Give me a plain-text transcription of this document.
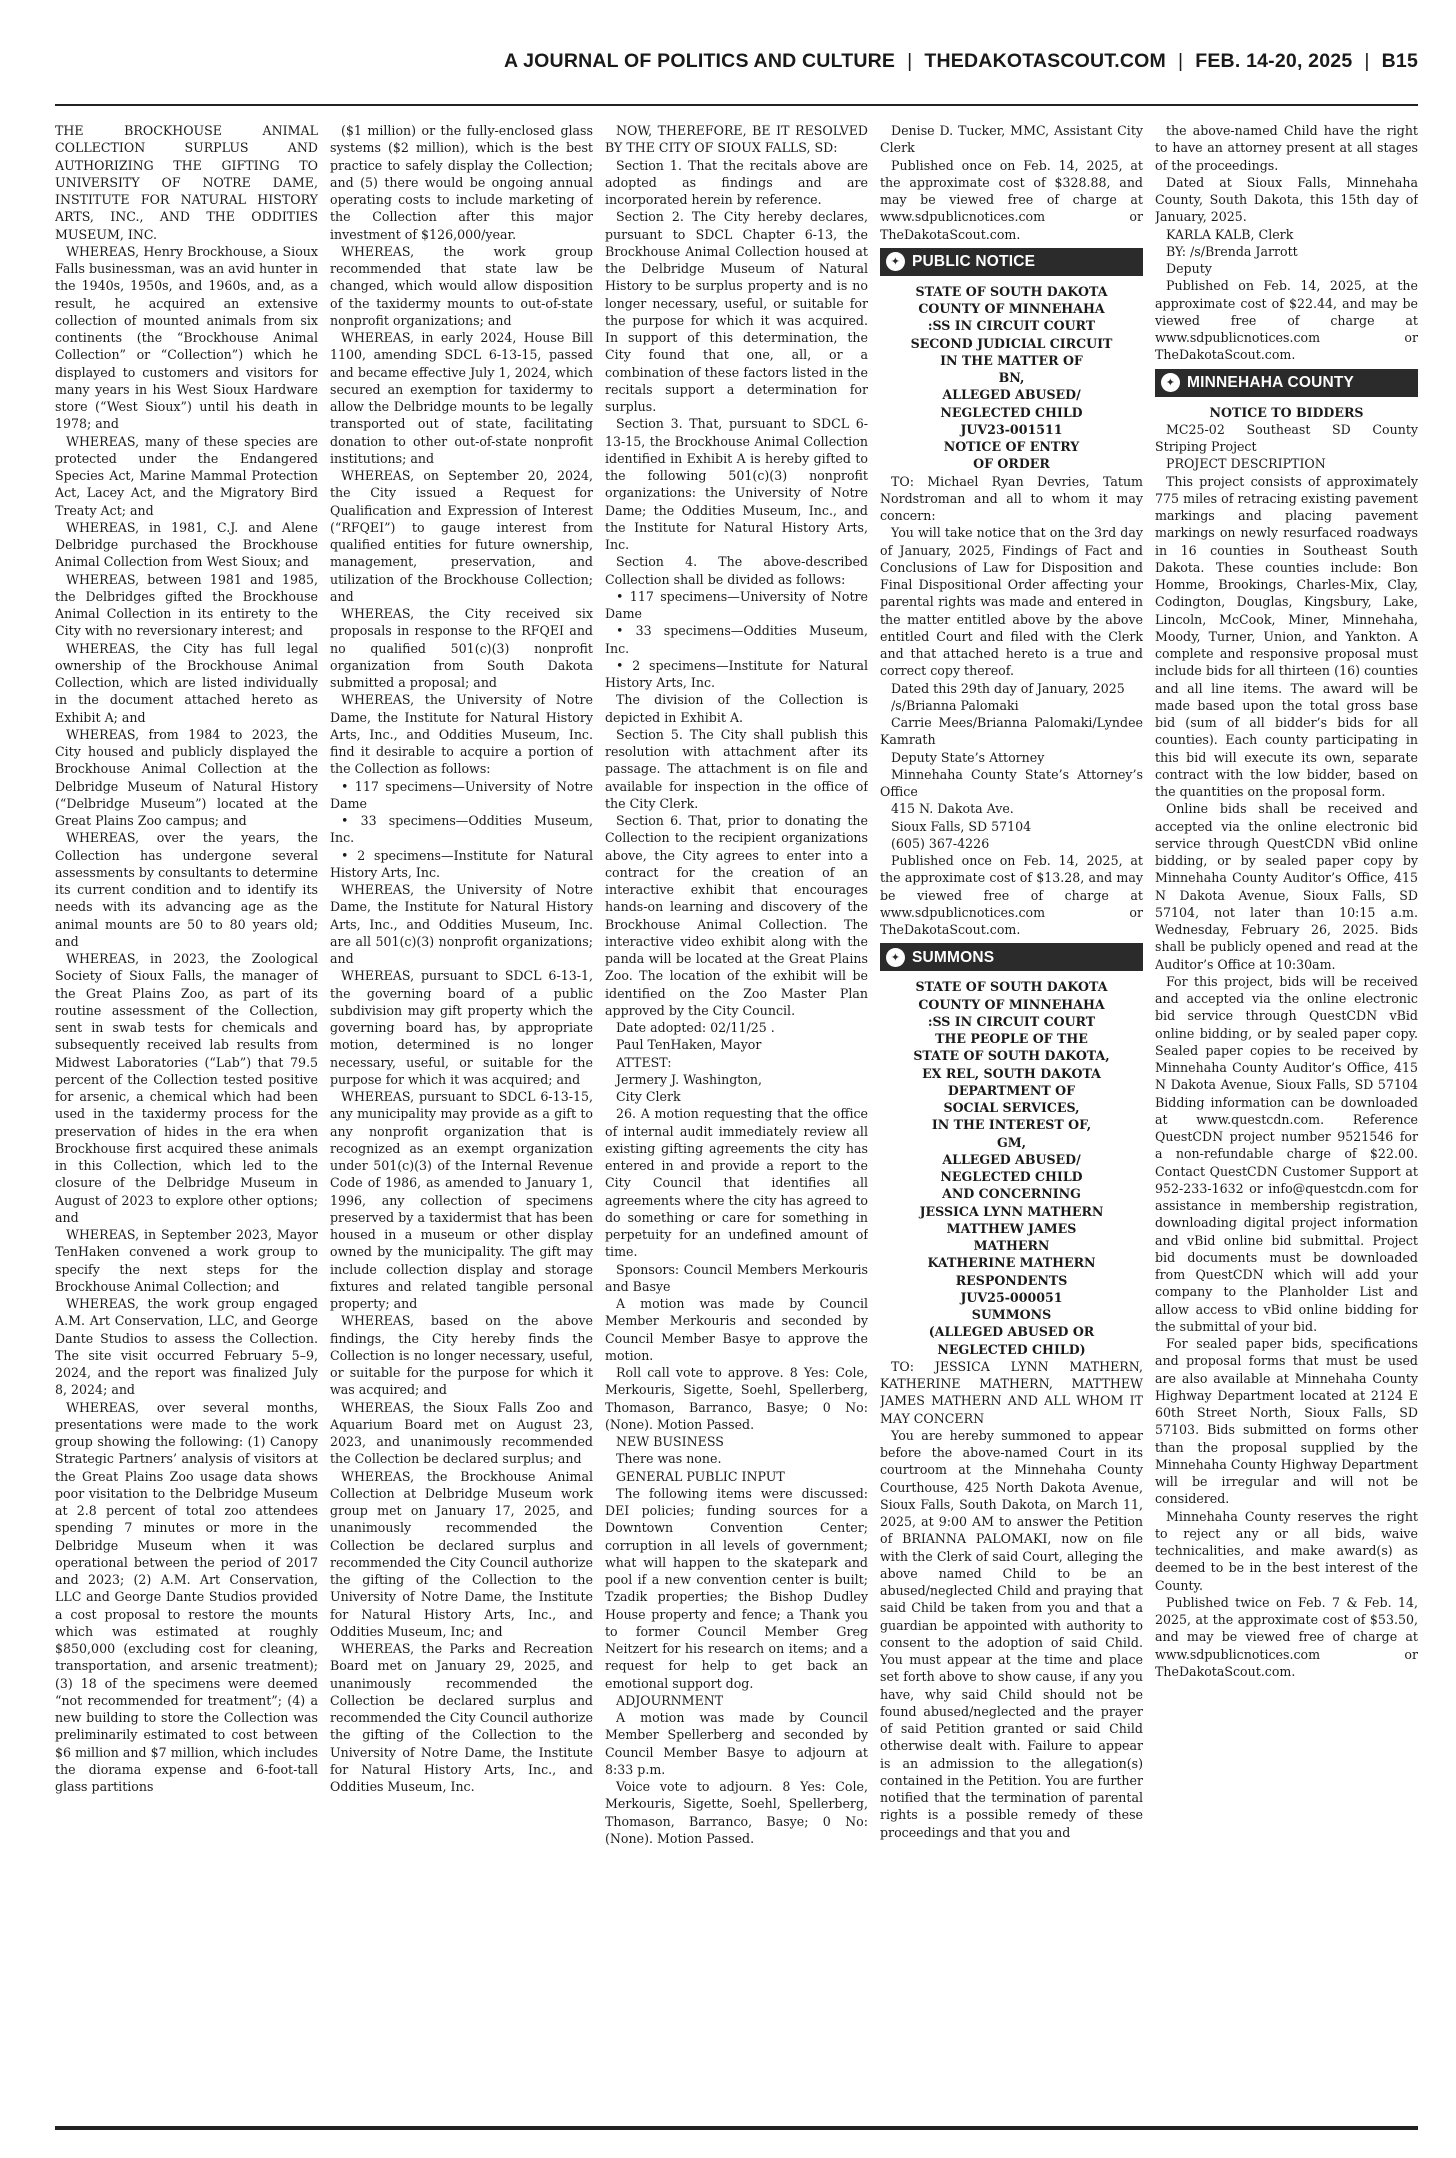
A JOURNAL OF POLITICS AND CULTURE | THEDAKOTASCOUT.COM | FEB. 14-20, 2025 | B15

THE BROCKHOUSE ANIMAL COLLECTION SURPLUS AND AUTHORIZING THE GIFTING TO UNIVERSITY OF NOTRE DAME, INSTITUTE FOR NATURAL HISTORY ARTS, INC., AND THE ODDITIES MUSEUM, INC.

WHEREAS, Henry Brockhouse, a Sioux Falls businessman, was an avid hunter in the 1940s, 1950s, and 1960s, and, as a result, he acquired an extensive collection of mounted animals from six continents (the “Brockhouse Animal Collection” or “Collection”) which he displayed to customers and visitors for many years in his West Sioux Hardware store (“West Sioux”) until his death in 1978; and

WHEREAS, many of these species are protected under the Endangered Species Act, Marine Mammal Protection Act, Lacey Act, and the Migratory Bird Treaty Act; and

WHEREAS, in 1981, C.J. and Alene Delbridge purchased the Brockhouse Animal Collection from West Sioux; and

WHEREAS, between 1981 and 1985, the Delbridges gifted the Brockhouse Animal Collection in its entirety to the City with no reversionary interest; and

WHEREAS, the City has full legal ownership of the Brockhouse Animal Collection, which are listed individually in the document attached hereto as Exhibit A; and

WHEREAS, from 1984 to 2023, the City housed and publicly displayed the Brockhouse Animal Collection at the Delbridge Museum of Natural History (“Delbridge Museum”) located at the Great Plains Zoo campus; and

WHEREAS, over the years, the Collection has undergone several assessments by consultants to determine its current condition and to identify its needs with its advancing age as the animal mounts are 50 to 80 years old; and

WHEREAS, in 2023, the Zoological Society of Sioux Falls, the manager of the Great Plains Zoo, as part of its routine assessment of the Collection, sent in swab tests for chemicals and subsequently received lab results from Midwest Laboratories (“Lab”) that 79.5 percent of the Collection tested positive for arsenic, a chemical which had been used in the taxidermy process for the preservation of hides in the era when Brockhouse first acquired these animals in this Collection, which led to the closure of the Delbridge Museum in August of 2023 to explore other options; and

WHEREAS, in September 2023, Mayor TenHaken convened a work group to specify the next steps for the Brockhouse Animal Collection; and

WHEREAS, the work group engaged A.M. Art Conservation, LLC, and George Dante Studios to assess the Collection. The site visit occurred February 5–9, 2024, and the report was finalized July 8, 2024; and

WHEREAS, over several months, presentations were made to the work group showing the following: (1) Canopy Strategic Partners’ analysis of visitors at the Great Plains Zoo usage data shows poor visitation to the Delbridge Museum at 2.8 percent of total zoo attendees spending 7 minutes or more in the Delbridge Museum when it was operational between the period of 2017 and 2023; (2) A.M. Art Conservation, LLC and George Dante Studios provided a cost proposal to restore the mounts which was estimated at roughly $850,000 (excluding cost for cleaning, transportation, and arsenic treatment); (3) 18 of the specimens were deemed “not recommended for treatment”; (4) a new building to store the Collection was preliminarily estimated to cost between $6 million and $7 million, which includes the diorama expense and 6-foot-tall glass partitions

($1 million) or the fully-enclosed glass systems ($2 million), which is the best practice to safely display the Collection; and (5) there would be ongoing annual operating costs to include marketing of the Collection after this major investment of $126,000/year.

WHEREAS, the work group recommended that state law be changed, which would allow disposition of the taxidermy mounts to out-of-state nonprofit organizations; and

WHEREAS, in early 2024, House Bill 1100, amending SDCL 6-13-15, passed and became effective July 1, 2024, which secured an exemption for taxidermy to allow the Delbridge mounts to be legally transported out of state, facilitating donation to other out-of-state nonprofit institutions; and

WHEREAS, on September 20, 2024, the City issued a Request for Qualification and Expression of Interest (“RFQEI”) to gauge interest from qualified entities for future ownership, management, preservation, and utilization of the Brockhouse Collection; and

WHEREAS, the City received six proposals in response to the RFQEI and no qualified 501(c)(3) nonprofit organization from South Dakota submitted a proposal; and

WHEREAS, the University of Notre Dame, the Institute for Natural History Arts, Inc., and Oddities Museum, Inc. find it desirable to acquire a portion of the Collection as follows:

• 117 specimens—University of Notre Dame

• 33 specimens—Oddities Museum, Inc.

• 2 specimens—Institute for Natural History Arts, Inc.

WHEREAS, the University of Notre Dame, the Institute for Natural History Arts, Inc., and Oddities Museum, Inc. are all 501(c)(3) nonprofit organizations; and

WHEREAS, pursuant to SDCL 6-13-1, the governing board of a public subdivision may gift property which the governing board has, by appropriate motion, determined is no longer necessary, useful, or suitable for the purpose for which it was acquired; and

WHEREAS, pursuant to SDCL 6-13-15, any municipality may provide as a gift to any nonprofit organization that is recognized as an exempt organization under 501(c)(3) of the Internal Revenue Code of 1986, as amended to January 1, 1996, any collection of specimens preserved by a taxidermist that has been housed in a museum or other display owned by the municipality. The gift may include collection display and storage fixtures and related tangible personal property; and

WHEREAS, based on the above findings, the City hereby finds the Collection is no longer necessary, useful, or suitable for the purpose for which it was acquired; and

WHEREAS, the Sioux Falls Zoo and Aquarium Board met on August 23, 2023, and unanimously recommended the Collection be declared surplus; and

WHEREAS, the Brockhouse Animal Collection at Delbridge Museum work group met on January 17, 2025, and unanimously recommended the Collection be declared surplus and recommended the City Council authorize the gifting of the Collection to the University of Notre Dame, the Institute for Natural History Arts, Inc., and Oddities Museum, Inc; and

WHEREAS, the Parks and Recreation Board met on January 29, 2025, and unanimously recommended the Collection be declared surplus and recommended the City Council authorize the gifting of the Collection to the University of Notre Dame, the Institute for Natural History Arts, Inc., and Oddities Museum, Inc.

NOW, THEREFORE, BE IT RESOLVED BY THE CITY OF SIOUX FALLS, SD:

Section 1. That the recitals above are adopted as findings and are incorporated herein by reference.

Section 2. The City hereby declares, pursuant to SDCL Chapter 6-13, the Brockhouse Animal Collection housed at the Delbridge Museum of Natural History to be surplus property and is no longer necessary, useful, or suitable for the purpose for which it was acquired. In support of this determination, the City found that one, all, or a combination of these factors listed in the recitals support a determination for surplus.

Section 3. That, pursuant to SDCL 6-13-15, the Brockhouse Animal Collection identified in Exhibit A is hereby gifted to the following 501(c)(3) nonprofit organizations: the University of Notre Dame; the Oddities Museum, Inc., and the Institute for Natural History Arts, Inc.

Section 4. The above-described Collection shall be divided as follows:

• 117 specimens—University of Notre Dame

• 33 specimens—Oddities Museum, Inc.

• 2 specimens—Institute for Natural History Arts, Inc.

The division of the Collection is depicted in Exhibit A.

Section 5. The City shall publish this resolution with attachment after its passage. The attachment is on file and available for inspection in the office of the City Clerk.

Section 6. That, prior to donating the Collection to the recipient organizations above, the City agrees to enter into a contract for the creation of an interactive exhibit that encourages hands-on learning and discovery of the Brockhouse Animal Collection. The interactive video exhibit along with the panda will be located at the Great Plains Zoo. The location of the exhibit will be identified on the Zoo Master Plan approved by the City Council.

Date adopted: 02/11/25 .

Paul TenHaken, Mayor

ATTEST:

Jermery J. Washington,

City Clerk

26. A motion requesting that the office of internal audit immediately review all existing gifting agreements the city has entered in and provide a report to the City Council that identifies all agreements where the city has agreed to do something or care for something in perpetuity for an undefined amount of time.

Sponsors: Council Members Merkouris and Basye

A motion was made by Council Member Merkouris and seconded by Council Member Basye to approve the motion.

Roll call vote to approve. 8 Yes: Cole, Merkouris, Sigette, Soehl, Spellerberg, Thomason, Barranco, Basye; 0 No: (None). Motion Passed.

NEW BUSINESS

There was none.

GENERAL PUBLIC INPUT

The following items were discussed: DEI policies; funding sources for a Downtown Convention Center; corruption in all levels of government; what will happen to the skatepark and pool if a new convention center is built; Tzadik properties; the Bishop Dudley House property and fence; a Thank you to former Council Member Greg Neitzert for his research on items; and a request for help to get back an emotional support dog.

ADJOURNMENT

A motion was made by Council Member Spellerberg and seconded by Council Member Basye to adjourn at 8:33 p.m.

Voice vote to adjourn. 8 Yes: Cole, Merkouris, Sigette, Soehl, Spellerberg, Thomason, Barranco, Basye; 0 No: (None). Motion Passed.

Denise D. Tucker, MMC, Assistant City Clerk

Published once on Feb. 14, 2025, at the approximate cost of $328.88, and may be viewed free of charge at www.sdpublicnotices.com or TheDakotaScout.com.

✦ PUBLIC NOTICE

STATE OF SOUTH DAKOTA

COUNTY OF MINNEHAHA

:SS IN CIRCUIT COURT

SECOND JUDICIAL CIRCUIT

IN THE MATTER OF

BN,

ALLEGED ABUSED/

NEGLECTED CHILD

JUV23-001511

NOTICE OF ENTRY

OF ORDER

TO: Michael Ryan Devries, Tatum Nordstroman and all to whom it may concern:

You will take notice that on the 3rd day of January, 2025, Findings of Fact and Conclusions of Law for Disposition and Final Dispositional Order affecting your parental rights was made and entered in the matter entitled above by the above entitled Court and filed with the Clerk and that attached hereto is a true and correct copy thereof.

Dated this 29th day of January, 2025

/s/Brianna Palomaki

Carrie Mees/Brianna Palomaki/Lyndee Kamrath

Deputy State’s Attorney

Minnehaha County State’s Attorney’s Office

415 N. Dakota Ave.

Sioux Falls, SD 57104

(605) 367-4226

Published once on Feb. 14, 2025, at the approximate cost of $13.28, and may be viewed free of charge at www.sdpublicnotices.com or TheDakotaScout.com.

✦ SUMMONS

STATE OF SOUTH DAKOTA

COUNTY OF MINNEHAHA

:SS IN CIRCUIT COURT

THE PEOPLE OF THE

STATE OF SOUTH DAKOTA,

EX REL, SOUTH DAKOTA

DEPARTMENT OF

SOCIAL SERVICES,

IN THE INTEREST OF,

GM,

ALLEGED ABUSED/

NEGLECTED CHILD

AND CONCERNING

JESSICA LYNN MATHERN

MATTHEW JAMES

MATHERN

KATHERINE MATHERN

RESPONDENTS

JUV25-000051

SUMMONS

(ALLEGED ABUSED OR

NEGLECTED CHILD)

TO: JESSICA LYNN MATHERN, KATHERINE MATHERN, MATTHEW JAMES MATHERN AND ALL WHOM IT MAY CONCERN

You are hereby summoned to appear before the above-named Court in its courtroom at the Minnehaha County Courthouse, 425 North Dakota Avenue, Sioux Falls, South Dakota, on March 11, 2025, at 9:00 AM to answer the Petition of BRIANNA PALOMAKI, now on file with the Clerk of said Court, alleging the above named Child to be an abused/neglected Child and praying that said Child be taken from you and that a guardian be appointed with authority to consent to the adoption of said Child. You must appear at the time and place set forth above to show cause, if any you have, why said Child should not be found abused/neglected and the prayer of said Petition granted or said Child otherwise dealt with. Failure to appear is an admission to the allegation(s) contained in the Petition. You are further notified that the termination of parental rights is a possible remedy of these proceedings and that you and

the above-named Child have the right to have an attorney present at all stages of the proceedings.

Dated at Sioux Falls, Minnehaha County, South Dakota, this 15th day of January, 2025.

KARLA KALB, Clerk

BY: /s/Brenda Jarrott

Deputy

Published on Feb. 14, 2025, at the approximate cost of $22.44, and may be viewed free of charge at www.sdpublicnotices.com or TheDakotaScout.com.

✦ MINNEHAHA COUNTY

NOTICE TO BIDDERS

MC25-02 Southeast SD County Striping Project

PROJECT DESCRIPTION

This project consists of approximately 775 miles of retracing existing pavement markings and placing pavement markings on newly resurfaced roadways in 16 counties in Southeast South Dakota. These counties include: Bon Homme, Brookings, Charles-Mix, Clay, Codington, Douglas, Kingsbury, Lake, Lincoln, McCook, Miner, Minnehaha, Moody, Turner, Union, and Yankton. A complete and responsive proposal must include bids for all thirteen (16) counties and all line items. The award will be made based upon the total gross base bid (sum of all bidder’s bids for all counties). Each county participating in this bid will execute its own, separate contract with the low bidder, based on the quantities on the proposal form.

Online bids shall be received and accepted via the online electronic bid service through QuestCDN vBid online bidding, or by sealed paper copy by Minnehaha County Auditor’s Office, 415 N Dakota Avenue, Sioux Falls, SD 57104, not later than 10:15 a.m. Wednesday, February 26, 2025. Bids shall be publicly opened and read at the Auditor’s Office at 10:30am.

For this project, bids will be received and accepted via the online electronic bid service through QuestCDN vBid online bidding, or by sealed paper copy. Sealed paper copies to be received by Minnehaha County Auditor’s Office, 415 N Dakota Avenue, Sioux Falls, SD 57104 Bidding information can be downloaded at www.questcdn.com. Reference QuestCDN project number 9521546 for a non-refundable charge of $22.00. Contact QuestCDN Customer Support at 952-233-1632 or info@questcdn.com for assistance in membership registration, downloading digital project information and vBid online bid submittal. Project bid documents must be downloaded from QuestCDN which will add your company to the Planholder List and allow access to vBid online bidding for the submittal of your bid.

For sealed paper bids, specifications and proposal forms that must be used are also available at Minnehaha County Highway Department located at 2124 E 60th Street North, Sioux Falls, SD 57103. Bids submitted on forms other than the proposal supplied by the Minnehaha County Highway Department will be irregular and will not be considered.

Minnehaha County reserves the right to reject any or all bids, waive technicalities, and make award(s) as deemed to be in the best interest of the County.

Published twice on Feb. 7 & Feb. 14, 2025, at the approximate cost of $53.50, and may be viewed free of charge at www.sdpublicnotices.com or TheDakotaScout.com.
